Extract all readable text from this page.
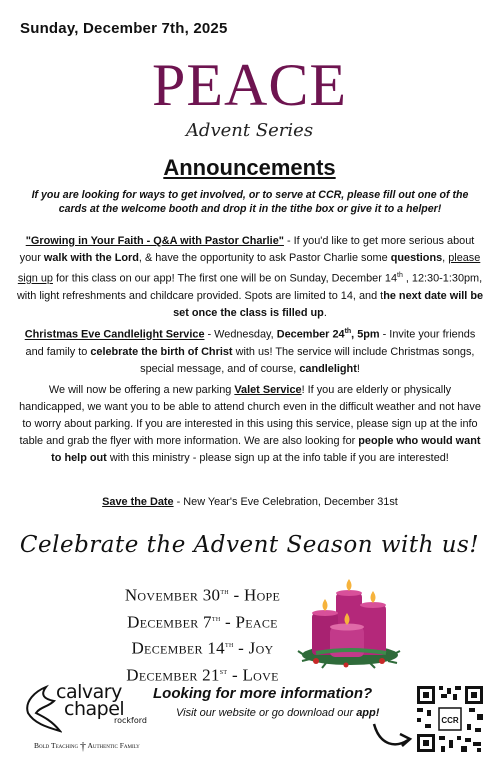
Sunday, December 7th, 2025
PEACE
Advent Series
Announcements
If you are looking for ways to get involved, or to serve at CCR, please fill out one of the cards at the welcome booth and drop it in the tithe box or give it to a helper!

"Growing in Your Faith - Q&A with Pastor Charlie" - If you'd like to get more serious about your walk with the Lord, & have the opportunity to ask Pastor Charlie some questions, please sign up for this class on our app! The first one will be on Sunday, December 14th , 12:30-1:30pm, with light refreshments and childcare provided. Spots are limited to 14, and the next date will be set once the class is filled up.

Christmas Eve Candlelight Service - Wednesday, December 24th, 5pm - Invite your friends and family to celebrate the birth of Christ with us! The service will include Christmas songs, special message, and of course, candlelight!

We will now be offering a new parking Valet Service! If you are elderly or physically handicapped, we want you to be able to attend church even in the difficult weather and not have to worry about parking. If you are interested in this using this service, please sign up at the info table and grab the flyer with more information. We are also looking for people who would want to help out with this ministry - please sign up at the info table if you are interested!

Save the Date - New Year's Eve Celebration, December 31st

Celebrate the Advent Season with us!
November 30th - Hope
December 7th - Peace
December 14th - Joy
December 21st - Love
calvary
chapel
rockford
Bold Teaching † Authentic Family
Looking for more information?
Visit our website or go download our app!
CCR
